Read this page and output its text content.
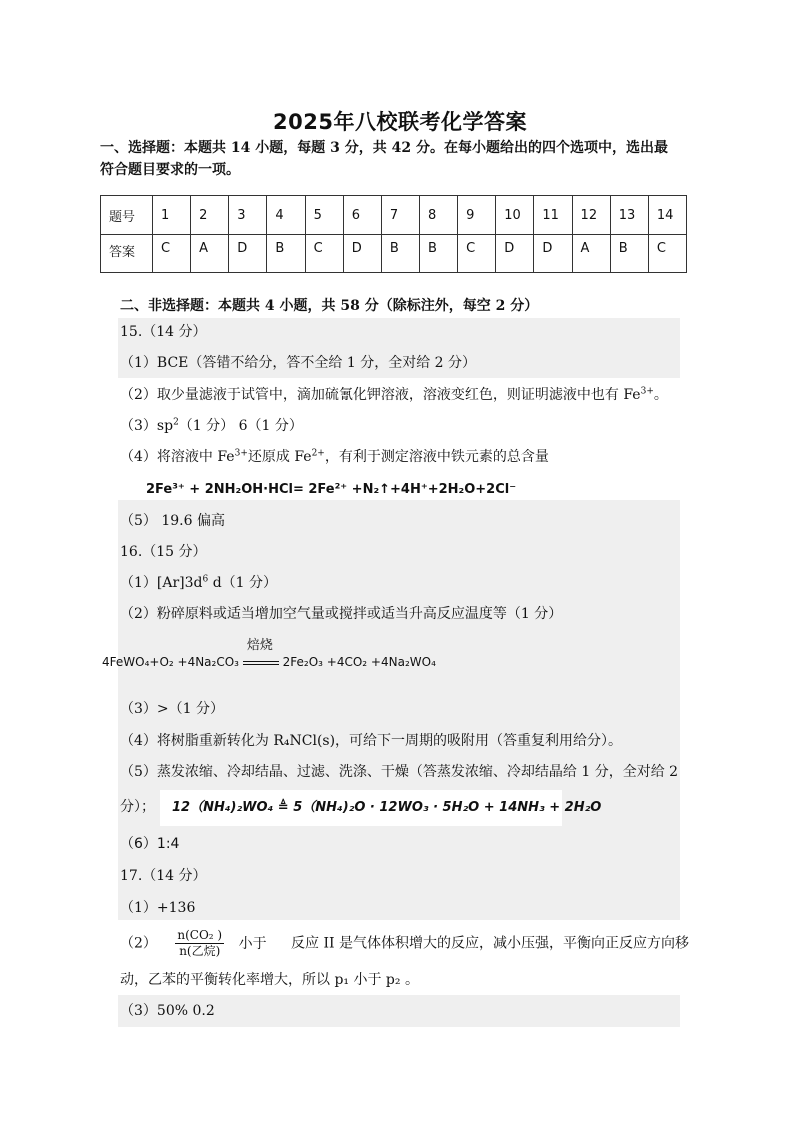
2025年八校联考化学答案
一、选择题：本题共 14 小题，每题 3 分，共 42 分。在每小题给出的四个选项中，选出最
符合题目要求的一项。
题号	1	2	3	4	5	6	7	8	9	10	11	12	13	14
答案	C	A	D	B	C	D	B	B	C	D	D	A	B	C
二、非选择题：本题共 4 小题，共 58 分（除标注外，每空 2 分）
15.（14 分）
（1）BCE（答错不给分，答不全给 1 分，全对给 2 分）
（2）取少量滤液于试管中，滴加硫氰化钾溶液，溶液变红色，则证明滤液中也有 $Fe^{3+}$。
$(3)sp^2(1$ 分） 6（1 分）
（4）将溶液中 $Fe^{3+}$还原成 $Fe^{2+}$，有利于测定溶液中铁元素的总含量
2Fe³⁺ + 2NH₂OH·HCl= 2Fe²⁺ +N₂↑+4H⁺+2H₂O+2Cl⁻
（5） 19.6 偏高
16.（15 分）
$(1)[Ar]3d^6$ d（1 分）
（2）粉碎原料或适当增加空气量或搅拌或适当升高反应温度等（1 分）
4FeWO₄+O₂ +4Na₂CO₃
焙烧
2Fe₂O₃ +4CO₂ +4Na₂WO₄
（3）>（1 分）
（4）将树脂重新转化为 R₄NCl(s)，可给下一周期的吸附用（答重复利用给分）。
（5）蒸发浓缩、冷却结晶、过滤、洗涤、干燥（答蒸发浓缩、冷却结晶给 1 分，全对给 2
分）； 12（NH₄)₂WO₄ ≜ 5（NH₄)₂O · 12WO₃ · 5H₂O + 14NH₃ + 2H₂O
（6）1:4
17.（14 分）
（1）+136
$(2) \frac{\text{n(CO₂ )}}{\text{n(乙烷)}}$ 小于 反应 II 是气体体积增大的反应，减小压强，平衡向正反应方向移
动，乙苯的平衡转化率增大，所以 p₁ 小于 p₂ 。
（3）50% 0.2
